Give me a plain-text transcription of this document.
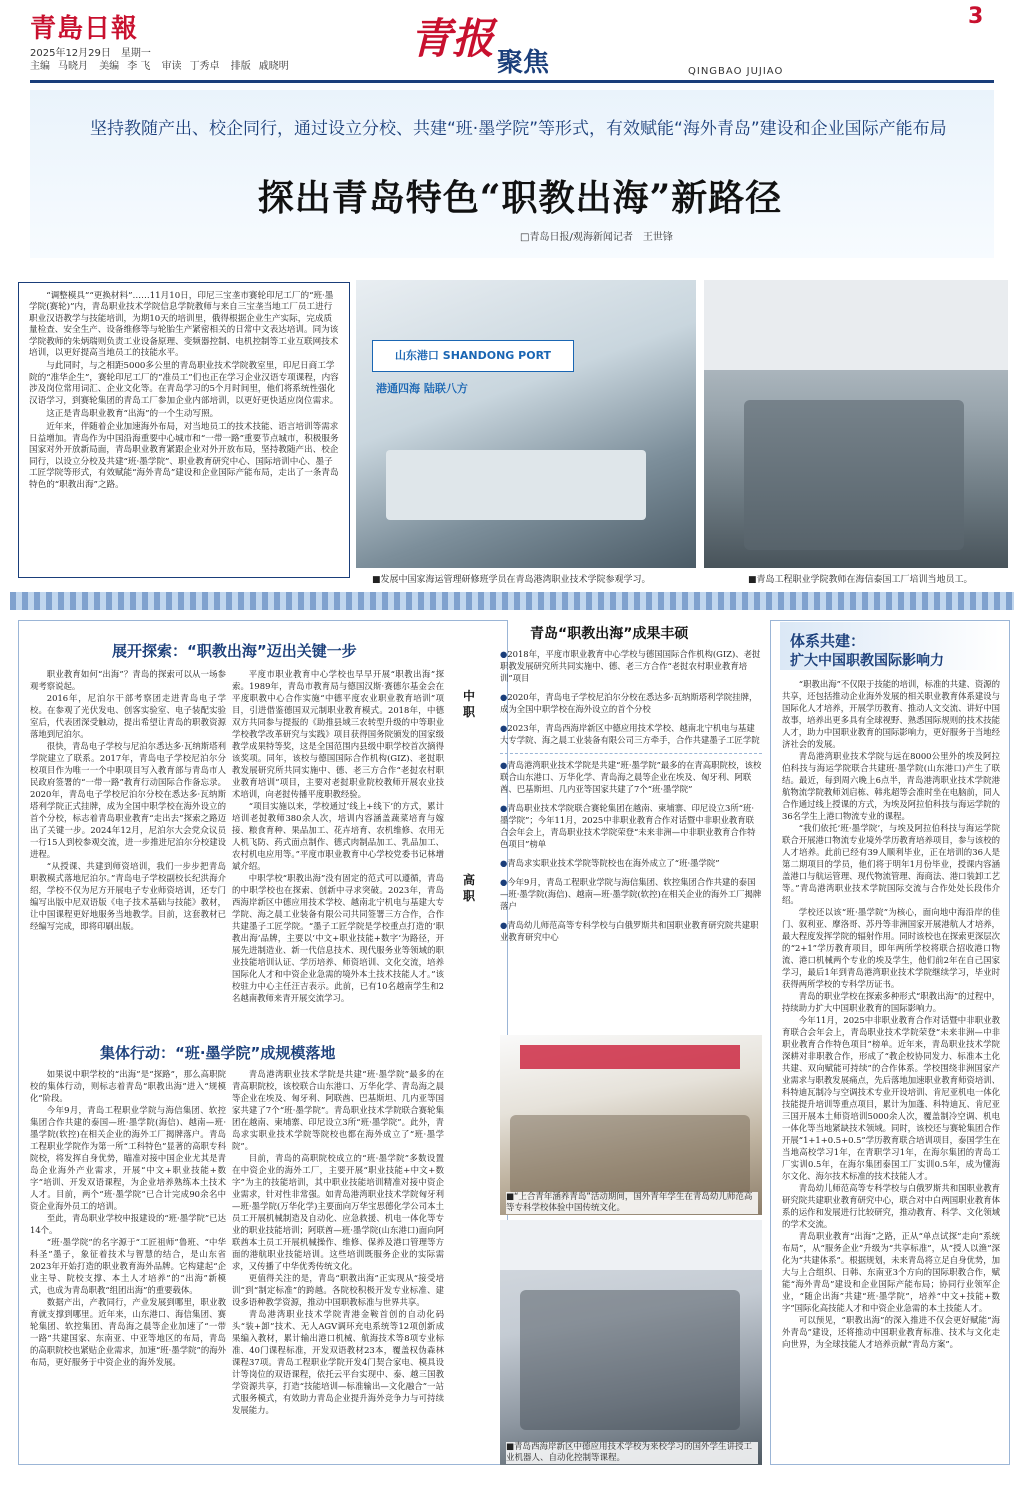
青島日報
2025年12月29日　星期一
主编 马晓月 美编 李 飞 审读 丁秀卓 排版 戚晓明
青报 聚焦	QINGBAO JUJIAO
3
坚持教随产出、校企同行，通过设立分校、共建“班·墨学院”等形式，有效赋能“海外青岛”建设和企业国际产能布局
探出青岛特色“职教出海”新路径
□青岛日报/观海新闻记者　王世锋

“调整模具”“更换材料”……11月10日，印尼三宝垄市赛轮印尼工厂的“班·墨学院(赛轮)”内，青岛职业技术学院信息学院教师与来自三宝垄当地工厂员工进行职业汉语教学与技能培训，为期10天的培训里，俄得根据企业生产实际，完成质量检查、安全生产、设备维修等与轮胎生产紧密相关的日常中文表达培训。同为该学院教师的朱炳瑞则负责工业设备原理、变频器控制、电机控制等工业互联网技术培训，以更好提高当地员工的技能水平。

与此同时，与之相距5000多公里的青岛职业技术学院教室里，印尼日商工学院的“准华企生”，赛轮印尼工厂的“准员工”们也正在学习企业汉语专项课程，内容涉及岗位常用词汇、企业文化等。在青岛学习的5个月时间里，他们将系统性强化汉语学习，到赛轮集团的青岛工厂参加企业内部培训，以更好更快适应岗位需求。

这正是青岛职业教育“出海”的一个生动写照。

近年来，伴随着企业加速海外布局，对当地员工的技术技能、语言培训等需求日益增加。青岛作为中国沿海重要中心城市和“一带一路”重要节点城市，积极服务国家对外开放新局面，青岛职业教育紧跟企业对外开放布局，坚持教随产出、校企同行，以设立分校及共建“班·墨学院”、职业教育研究中心、国际培训中心、墨子工匠学院等形式，有效赋能“海外青岛”建设和企业国际产能布局，走出了一条青岛特色的“职教出海”之路。

山东港口 SHANDONG PORT
港通四海 陆联八方
■发展中国家海运管理研修班学员在青岛港湾职业技术学院参观学习。	■青岛工程职业学院教师在海信泰国工厂培训当地员工。
展开探索：“职教出海”迈出关键一步

职业教育如何“出海”？青岛的探索可以从一场参观考察说起。

2016年，尼泊尔干部考察团走进青岛电子学校。在参观了光伏发电、创客实验室、电子装配实验室后，代表团深受触动，提出希望让青岛的职教资源落地到尼泊尔。

很快，青岛电子学校与尼泊尔悉达多·瓦纳斯塔利学院建立了联系。2017年，青岛电子学校尼泊尔分校项目作为唯一一个中职项目写入教育部与青岛市人民政府签署的“一带一路”教育行动国际合作备忘录。2020年，青岛电子学校尼泊尔分校在悉达多·瓦纳斯塔利学院正式挂牌，成为全国中职学校在海外设立的首个分校，标志着青岛职业教育“走出去”探索之路迈出了关键一步。2024年12月，尼泊尔大会党众议员一行15人到校参观交流，进一步推进尼泊尔分校建设进程。

“从授课、共建到师资培训，我们一步步把青岛职教模式落地尼泊尔。”青岛电子学校副校长纪洪海介绍，学校不仅为尼方开展电子专业师资培训，还专门编写出版中尼双语版《电子技术基础与技能》教材，让中国课程更好地服务当地教学。目前，这套教材已经编写完成，即将印刷出版。

平度市职业教育中心学校也早早开展“职教出海”探索。1989年，青岛市教育局与德国汉斯·赛德尔基金会在平度职教中心合作实施“中德平度农业职业教育培训”项目，引进借鉴德国双元制职业教育模式。2018年，中德双方共同参与提报的《助推县域三农转型升级的中等职业学校教学改革研究与实践》项目获得国务院颁发的国家级教学成果特等奖，这是全国范围内县级中职学校首次摘得该奖项。同年，该校与德国国际合作机构(GIZ)、老挝职教发展研究所共同实施中、德、老三方合作“老挝农村职业教育培训”项目，主要对老挝职业院校教师开展农业技术培训，向老挝传播平度职教经验。

“项目实施以来，学校通过‘线上+线下’的方式，累计培训老挝教师380余人次，培训内容涵盖蔬菜培育与嫁接、粮食育种、果品加工、花卉培育、农机维修、农用无人机飞防、药式面点制作、德式肉制品加工、乳品加工、农村机电应用等。”平度市职业教育中心学校党委书记林增斌介绍。

中职学校“职教出海”没有固定的范式可以遵循，青岛的中职学校也在探索、创新中寻求突破。2023年，青岛西海岸新区中德应用技术学校、越南北宁机电与基建大专学院、海之晨工业装备有限公司共同签署三方合作，合作共建墨子工匠学院。“墨子工匠学院是学校重点打造的‘职教出海’品牌，主要以‘中文+职业技能+数字’为路径，开展先进制造业、新一代信息技术、现代服务业等领域的职业技能培训认证、学历培养、师资培训、文化交流，培养国际化人才和中资企业急需的境外本土技术技能人才。”该校驻力中心主任汪吉表示。此前，已有10名越南学生和2名越南教师来青开展交流学习。

集体行动：“班·墨学院”成规模落地

如果说中职学校的“出海”是“探路”，那么高职院校的集体行动，则标志着青岛“职教出海”进入“规模化”阶段。

今年9月，青岛工程职业学院与海信集团、软控集团合作共建的泰国—班·墨学院(海信)、越南—班·墨学院(软控)在相关企业的海外工厂揭牌落户。青岛工程职业学院作为第一所“工科特色”显著的高职专科院校，将发挥自身优势，瞄准对接中国企业尤其是青岛企业海外产业需求，开展“中文+职业技能+数字”培训、开发双语课程，为企业培养熟练本土技术人才。目前，两个“班·墨学院”已合计完成90余名中资企业海外员工的培训。

至此，青岛职业学校申报建设的“班·墨学院”已达14个。

“班·墨学院”的名字源于“工匠祖师”鲁班、“中华科圣”墨子，象征着技术与智慧的结合，是山东省2023年开始打造的职业教育海外品牌。它构建起“企业主导、院校支撑、本土人才培养”的“出海”新模式，也成为青岛职教“组团出海”的重要载体。

数据产出，产教同行，产业发展到哪里，职业教育就支撑到哪里。近年来，山东港口、海信集团、赛轮集团、软控集团、青岛海之晨等企业加速了“一带一路”共建国家、东南亚、中亚等地区的布局，青岛的高职院校也紧贴企业需求，加速“班·墨学院”的海外布局，更好服务于中资企业的海外发展。

青岛港湾职业技术学院是共建“班·墨学院”最多的在青高职院校，该校联合山东港口、万华化学、青岛海之晨等企业在埃及、匈牙利、阿联酋、巴基斯坦、几内亚等国家共建了7个“班·墨学院”。青岛职业技术学院联合赛轮集团在越南、柬埔寨、印尼设立3所“班·墨学院”。此外，青岛求实职业技术学院等院校也都在海外成立了“班·墨学院”。

目前，青岛的高职院校成立的“班·墨学院”多数设置在中资企业的海外工厂，主要开展“职业技能+中文+数字”为主的技能培训，其中职业技能培训精准对接中资企业需求，针对性非常强。如青岛港湾职业技术学院匈牙利—班·墨学院(万华化学)主要面向万华宝思德化学公司本土员工开展机械制造及自动化、应急救援、机电一体化等专业的职业技能培训；阿联酋—班·墨学院(山东港口)面向阿联酋本土员工开展机械操作、维修、保养及港口管理等方面的港航职业技能培训。这些培训既服务企业的实际需求，又传播了中华优秀传统文化。

更值得关注的是，青岛“职教出海”正实现从“接受培训”到“制定标准”的跨越。各院校积极开发专业标准、建设多语种教学资源，推动中国职教标准与世界共享。

青岛港湾职业技术学院青港金鞍首创的自动化码头“装+卸”技术、无人AGV调环充电系统等12项创新成果编入教材，累计输出港口机械、航海技术等8项专业标准、40门课程标准，开发双语教材23本，覆盖权伪森林课程37项。青岛工程职业学院开发4门契合家电、模具设计等岗位的双语课程，依托云平台实现中、泰、越三国教学资源共享，打造“技能培训—标准输出—文化融合”一站式服务模式，有效助力青岛企业提升海外竞争力与可持续发展能力。

青岛“职教出海”成果丰硕
中职
高职
●2018年，平度市职业教育中心学校与德国国际合作机构(GIZ)、老挝职教发展研究所共同实施中、德、老三方合作“老挝农村职业教育培训”项目
●2020年，青岛电子学校尼泊尔分校在悉达多·瓦纳斯塔利学院挂牌，成为全国中职学校在海外设立的首个分校
●2023年，青岛西海岸新区中德应用技术学校、越南北宁机电与基建大专学院、海之晨工业装备有限公司三方牵手，合作共建墨子工匠学院
●青岛港湾职业技术学院是共建“班·墨学院”最多的在青高职院校，该校联合山东港口、万华化学、青岛海之晨等企业在埃及、匈牙利、阿联酋、巴基斯坦、几内亚等国家共建了7个“班·墨学院”
●青岛职业技术学院联合赛轮集团在越南、柬埔寨、印尼设立3所“班·墨学院”；今年11月，2025中非职业教育合作对话暨中非职业教育联合会年会上，青岛职业技术学院荣登“未来非洲—中非职业教育合作特色项目”榜单
●青岛求实职业技术学院等院校也在海外成立了“班·墨学院”
●今年9月，青岛工程职业学院与海信集团、软控集团合作共建的泰国—班·墨学院(海信)、越南—班·墨学院(软控)在相关企业的海外工厂揭牌落户
●青岛幼儿师范高等专科学校与白俄罗斯共和国职业教育研究院共建职业教育研究中心
■“上合青年涵养青岛”活动期间，国外青年学生在青岛幼儿师范高等专科学校体验中国传统文化。
■青岛西海岸新区中德应用技术学校为来校学习的国外学生讲授工业机器人、自动化控制等课程。
体系共建：
扩大中国职教国际影响力

“职教出海”不仅限于技能的培训，标准的共建、资源的共享，还包括推动企业海外发展的相关职业教育体系建设与国际化人才培养，开展学历教育、推动人文交流、讲好中国故事，培养出更多具有全球视野、熟悉国际规则的技术技能人才，助力中国职业教育的国际影响力，更好服务于当地经济社会的发展。

青岛港湾职业技术学院与远在8000公里外的埃及阿拉伯科技与海运学院联合共建班·墨学院(山东港口)产生了联结。最近，每到周六晚上6点半，青岛港湾职业技术学院港航物流学院教师刘启栋、韩兆超等会准时坐在电脑前，同人合作通过线上授课的方式，为埃及阿拉伯科技与海运学院的36名学生上港口物流专业的课程。

“我们依托‘班·墨学院’，与埃及阿拉伯科技与海运学院联合开展港口物流专业境外学历教育培养项目，参与该校的人才培养。此前已经有39人顺利毕业，正在培训的36人是第二期项目的学员，他们将于明年1月份毕业，授课内容涵盖港口与航运管理、现代物流管理、海商法、港口装卸工艺等。”青岛港湾职业技术学院国际交流与合作处处长段伟介绍。

学校还以该“班·墨学院”为核心，面向地中海沿岸的佳门、叙利亚、摩洛哥、苏丹等非洲国家开展港航人才培养，最大程度发挥学院的辐射作用。同时该校也在探索更深层次的“2+1”学历教育项目，即年两所学校将联合招收港口物流、港口机械两个专业的埃及学生，他们前2年在自己国家学习，最后1年到青岛港湾职业技术学院继续学习，毕业时获得两所学校的专科学历证书。

青岛的职业学校在探索多种形式“职教出海”的过程中，持续助力扩大中国职业教育的国际影响力。

今年11月，2025中非职业教育合作对话暨中非职业教育联合会年会上，青岛职业技术学院荣登“未来非洲—中非职业教育合作特色项目”榜单。近年来，青岛职业技术学院深耕对非职教合作，形成了“教企校协同发力、标准本土化共建、双向赋能可持续”的合作体系。学校围绕非洲国家产业需求与职教发展痛点，先后落地加速职业教育师资培训、科特迪瓦制冷与空调技术专业开设培训、肯尼亚机电一体化技能提升培训等重点项目，累计为加蓬、科特迪瓦、肯尼亚三国开展本土师资培训5000余人次，覆盖制冷空调、机电一体化等当地紧缺技术领域。同时，该校还与赛轮集团合作开展“1+1+0.5+0.5”学历教育联合培训项目，泰国学生在当地高校学习1年，在青职学习1年，在海尔集团的青岛工厂实训0.5年，在海尔集团泰国工厂实训0.5年，成为懂海尔文化、海尔技术标准的技术技能人才。

青岛幼儿师范高等专科学校与白俄罗斯共和国职业教育研究院共建职业教育研究中心，联合对中白两国职业教育体系的运作和发展进行比较研究，推动教育、科学、文化领域的学术交流。

青岛职业教育“出海”之路，正从“单点试探”走向“系统布局”，从“服务企业”升级为“共享标准”，从“授人以渔”深化为“共建体系”。根据规划，未来青岛将立足自身优势，加大与上合组织、日韩、东南亚3个方向的国际职教合作，赋能“海外青岛”建设和企业国际产能布局；协同行业领军企业，“随企出海”共建“班·墨学院”，培养“中文+技能+数字”国际化高技能人才和中资企业急需的本土技能人才。

可以预见，“职教出海”的深入推进不仅会更好赋能“海外青岛”建设，还将推动中国职业教育标准、技术与文化走向世界，为全球技能人才培养贡献“青岛方案”。
